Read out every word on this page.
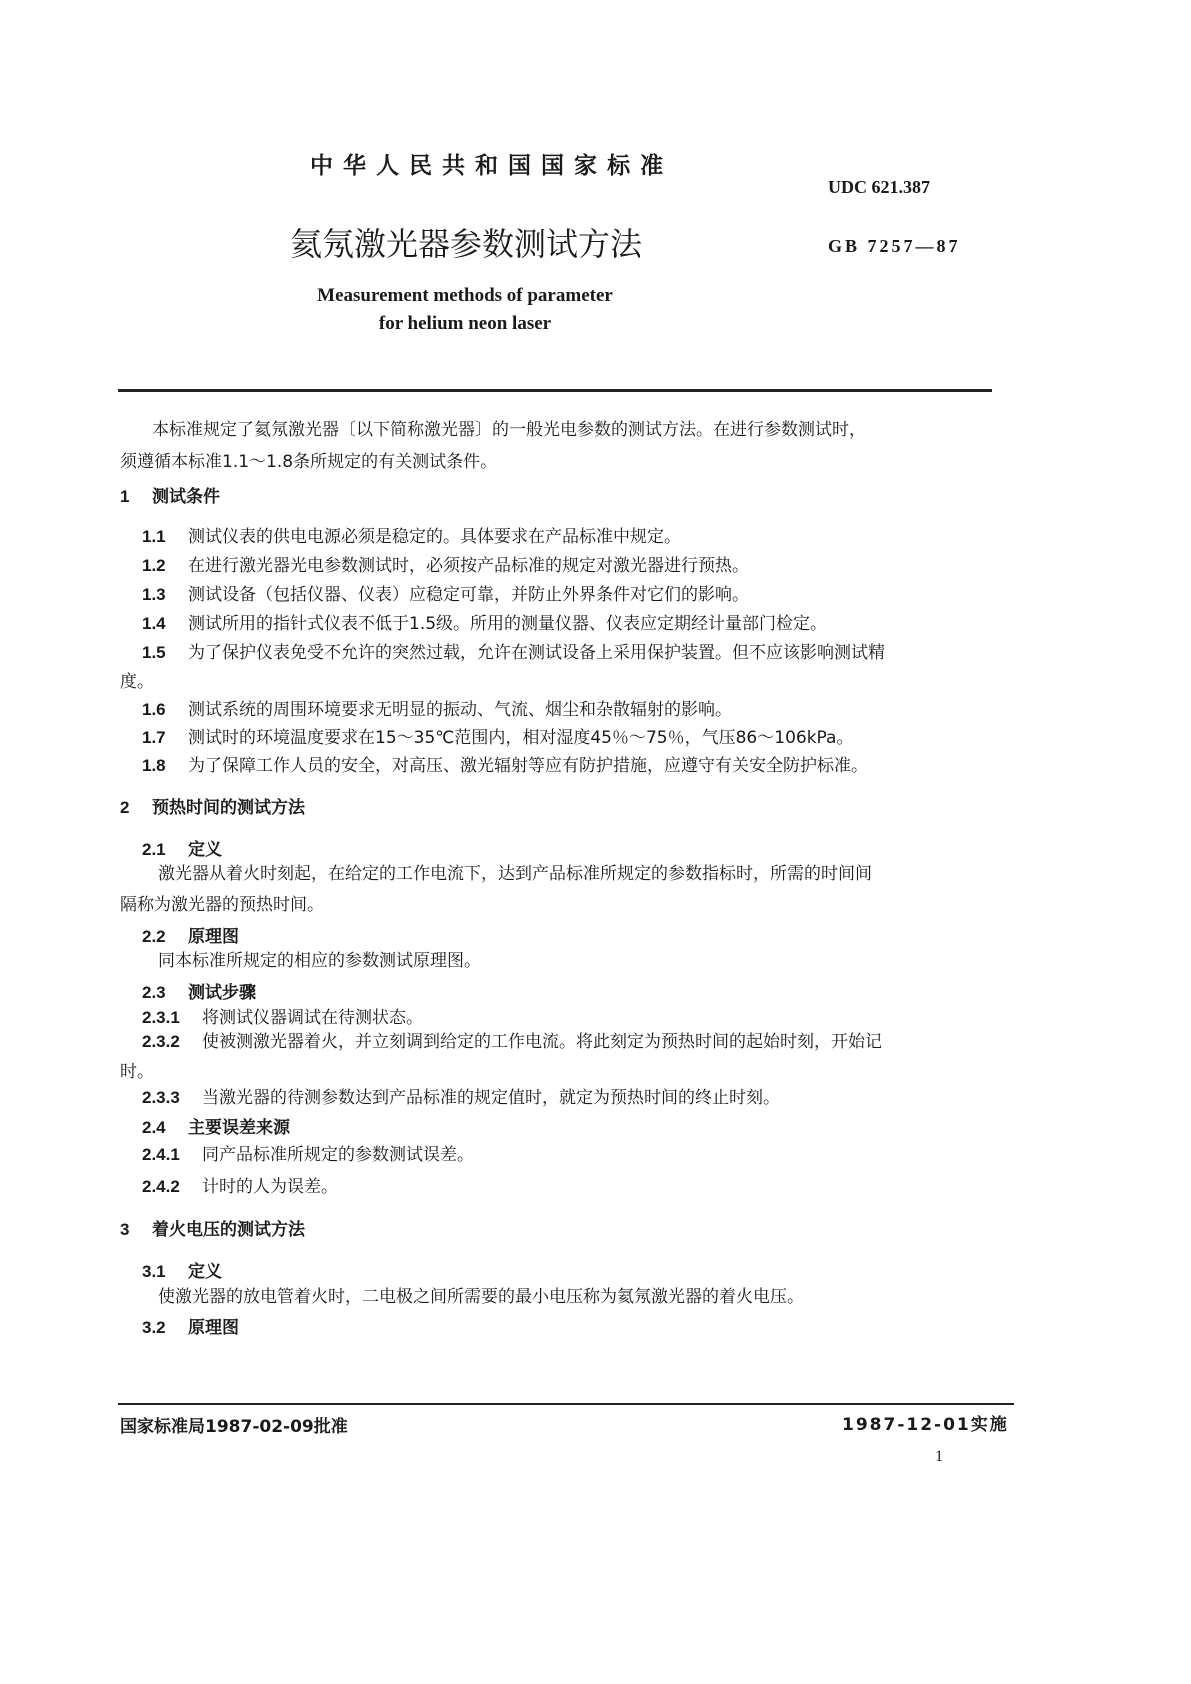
中 华 人 民 共 和 国 国 家 标 准
UDC 621.387
氦氖激光器参数测试方法	GB 7257—87
Measurement methods of parameter
for helium neon laser
本标准规定了氦氖激光器〔以下简称激光器〕的一般光电参数的测试方法。在进行参数测试时，
须遵循本标准1.1～1.8条所规定的有关测试条件。
1 测试条件
1.1 测试仪表的供电电源必须是稳定的。具体要求在产品标准中规定。
1.2 在进行激光器光电参数测试时，必须按产品标准的规定对激光器进行预热。
1.3 测试设备（包括仪器、仪表）应稳定可靠，并防止外界条件对它们的影响。
1.4 测试所用的指针式仪表不低于1.5级。所用的测量仪器、仪表应定期经计量部门检定。
1.5 为了保护仪表免受不允许的突然过载，允许在测试设备上采用保护装置。但不应该影响测试精
度。
1.6 测试系统的周围环境要求无明显的振动、气流、烟尘和杂散辐射的影响。
1.7 测试时的环境温度要求在15～35℃范围内，相对湿度45％～75％，气压86～106kPa。
1.8 为了保障工作人员的安全，对高压、激光辐射等应有防护措施，应遵守有关安全防护标准。
2 预热时间的测试方法
2.1 定义
激光器从着火时刻起，在给定的工作电流下，达到产品标准所规定的参数指标时，所需的时间间
隔称为激光器的预热时间。
2.2 原理图
同本标准所规定的相应的参数测试原理图。
2.3 测试步骤
2.3.1 将测试仪器调试在待测状态。
2.3.2 使被测激光器着火，并立刻调到给定的工作电流。将此刻定为预热时间的起始时刻，开始记
时。
2.3.3 当激光器的待测参数达到产品标准的规定值时，就定为预热时间的终止时刻。
2.4 主要误差来源
2.4.1 同产品标准所规定的参数测试误差。
2.4.2 计时的人为误差。
3 着火电压的测试方法
3.1 定义
使激光器的放电管着火时，二电极之间所需要的最小电压称为氦氖激光器的着火电压。
3.2 原理图
国家标准局1987-02-09批准	1987-12-01实施
1
